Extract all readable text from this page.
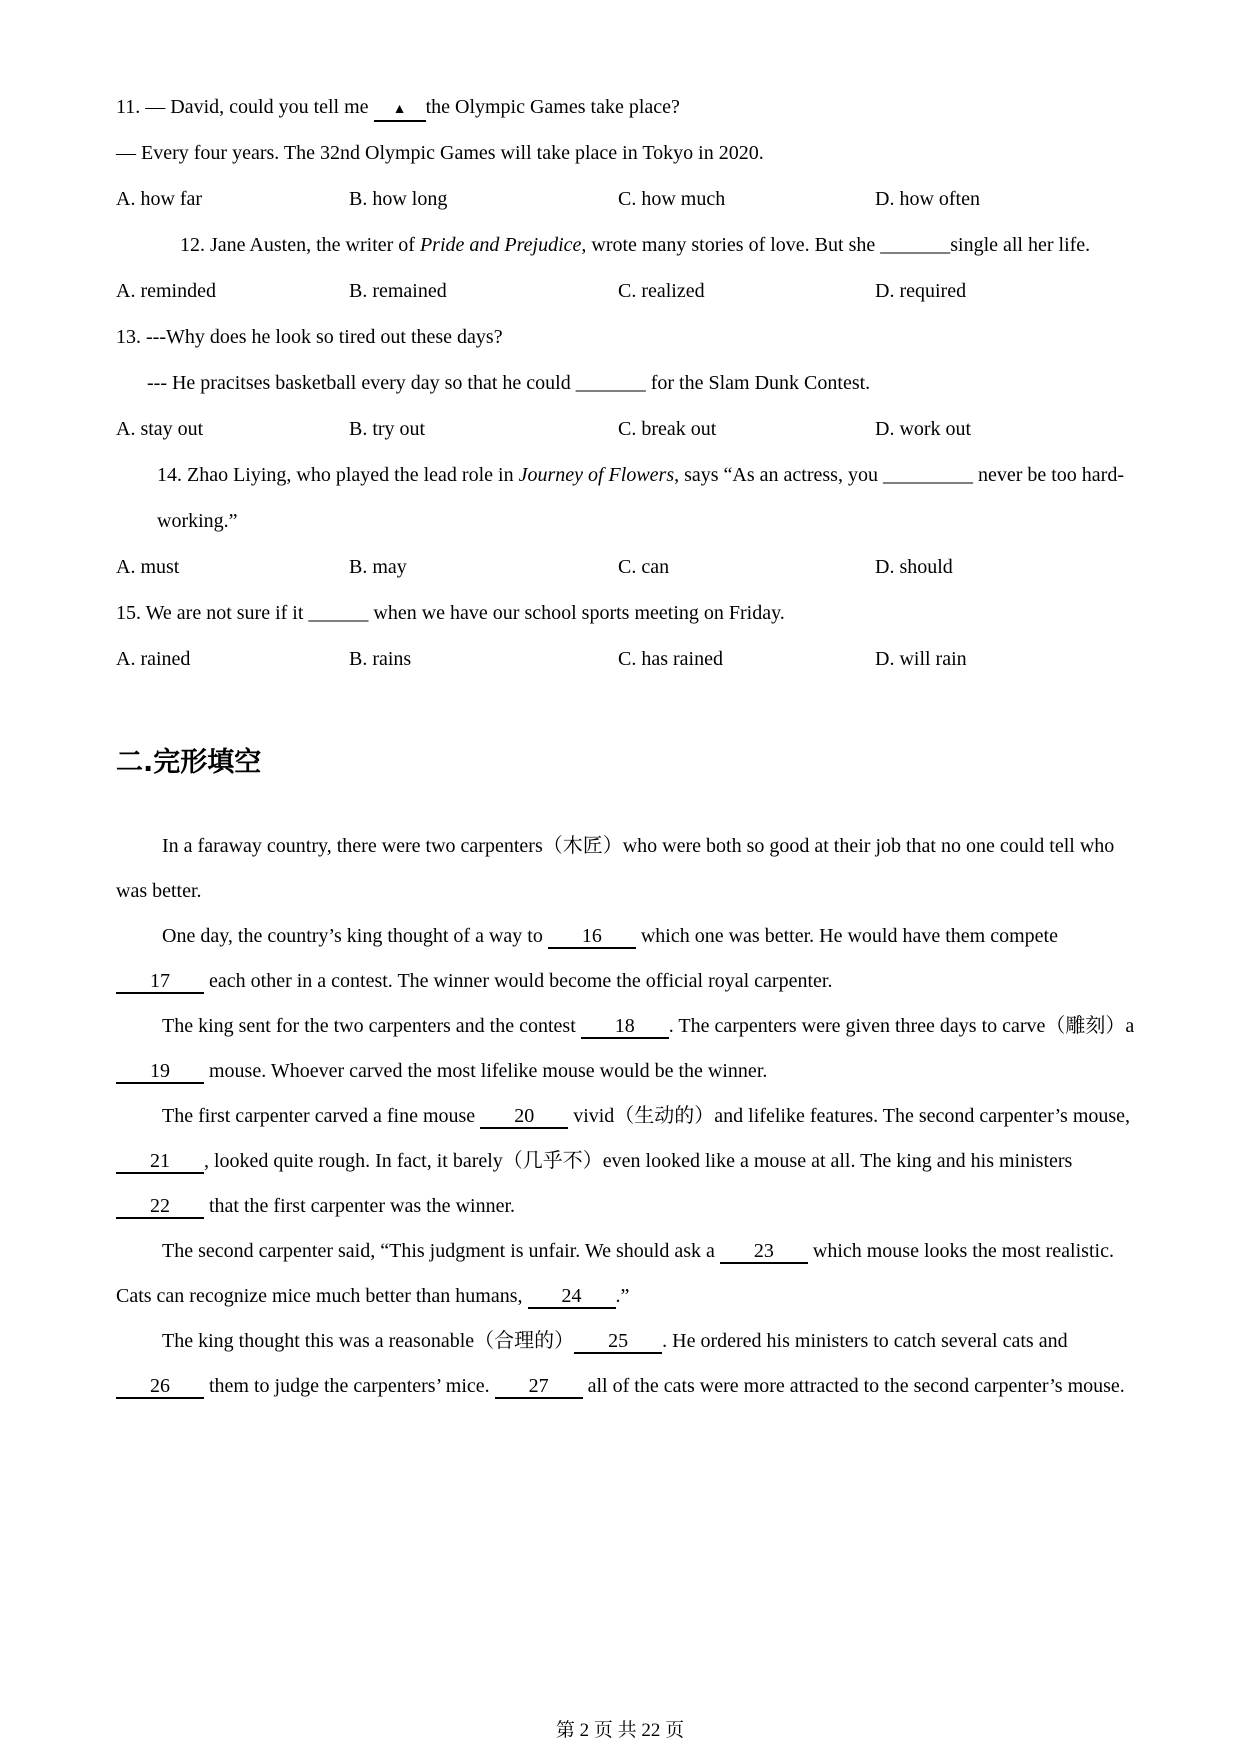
11. — David, could you tell me ▲ the Olympic Games take place?
— Every four years. The 32nd Olympic Games will take place in Tokyo in 2020.
A. how far	B. how long	C. how much	D. how often
12. Jane Austen, the writer of Pride and Prejudice, wrote many stories of love. But she _______single all her life.
A. reminded	B. remained	C. realized	D. required
13. ---Why does he look so tired out these days?
--- He pracitses basketball every day so that he could _______ for the Slam Dunk Contest.
A. stay out	B. try out	C. break out	D. work out
14. Zhao Liying, who played the lead role in Journey of Flowers, says “As an actress, you _________ never be too hard-working.”
A. must	B. may	C. can	D. should
15. We are not sure if it ______ when we have our school sports meeting on Friday.
A. rained	B. rains	C. has rained	D. will rain
二.完形填空

In a faraway country, there were two carpenters（木匠）who were both so good at their job that no one could tell who was better.

One day, the country’s king thought of a way to 16 which one was better. He would have them compete 17 each other in a contest. The winner would become the official royal carpenter.

The king sent for the two carpenters and the contest 18 . The carpenters were given three days to carve（雕刻）a 19 mouse. Whoever carved the most lifelike mouse would be the winner.

The first carpenter carved a fine mouse 20 vivid（生动的）and lifelike features. The second carpenter’s mouse, 21 , looked quite rough. In fact, it barely（几乎不）even looked like a mouse at all. The king and his ministers 22 that the first carpenter was the winner.

The second carpenter said, “This judgment is unfair. We should ask a 23 which mouse looks the most realistic. Cats can recognize mice much better than humans, 24 .”

The king thought this was a reasonable（合理的） 25 . He ordered his ministers to catch several cats and 26 them to judge the carpenters’ mice. 27 all of the cats were more attracted to the second carpenter’s mouse.

第 2 页 共 22 页
